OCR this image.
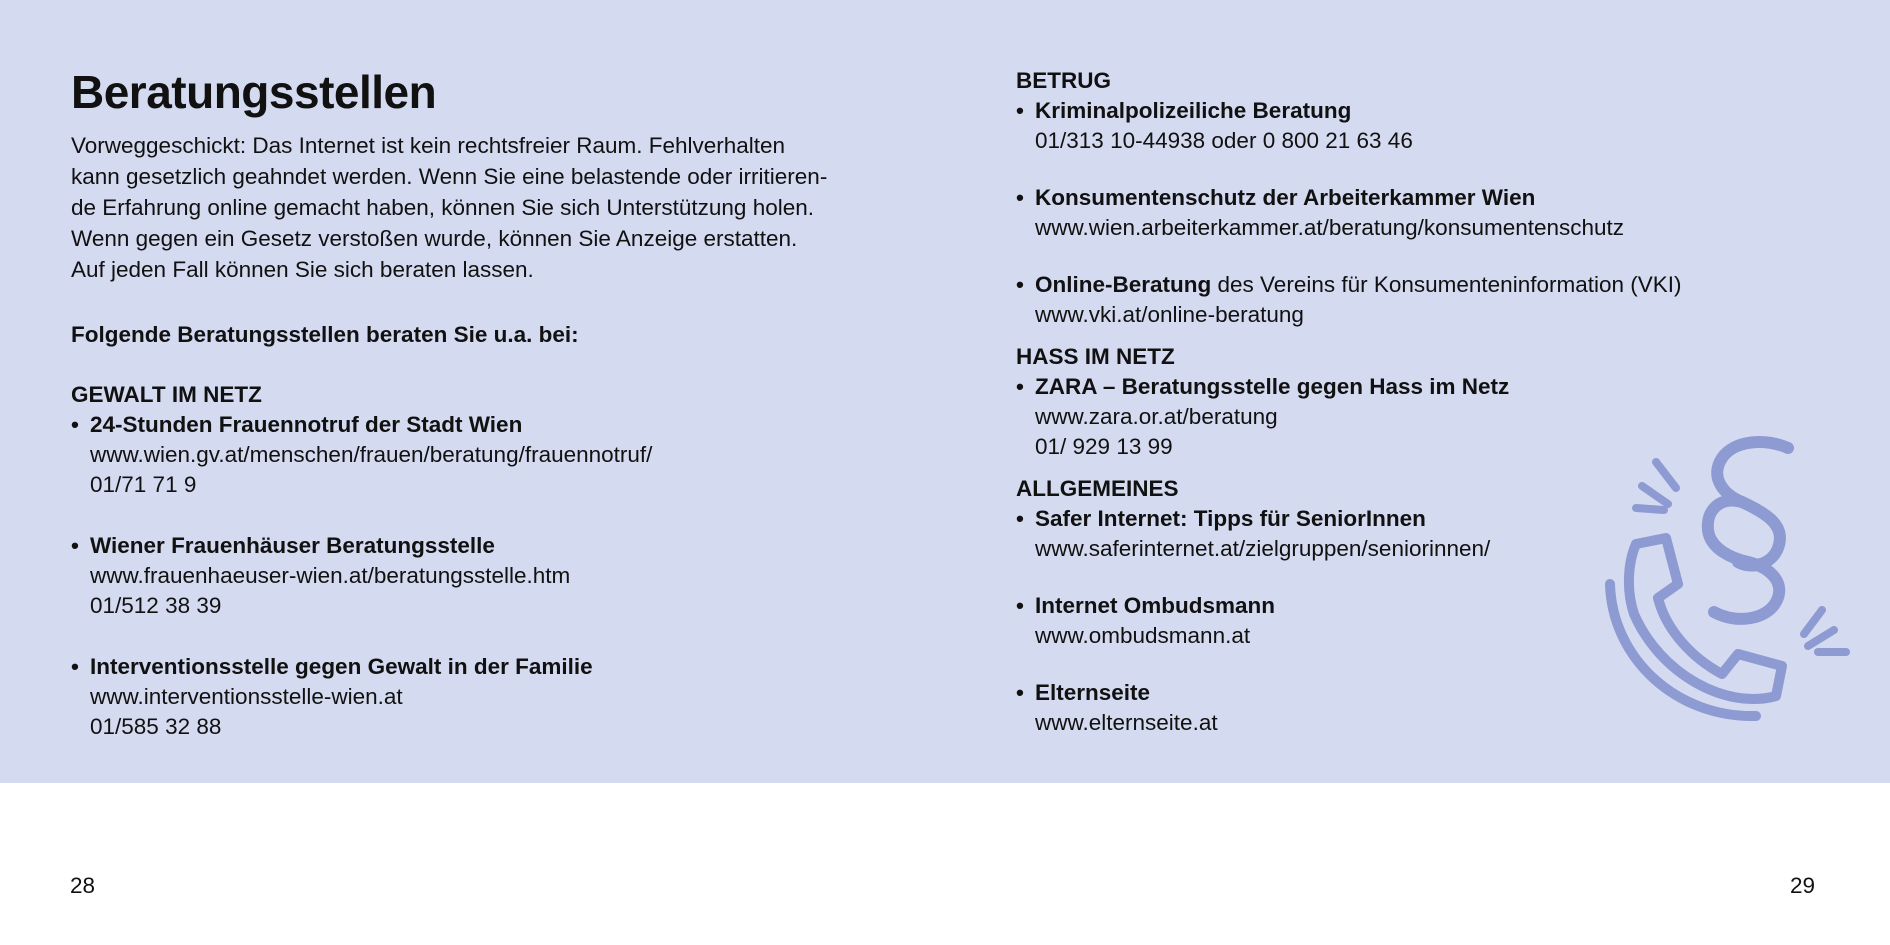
Beratungsstellen
Vorweggeschickt: Das Internet ist kein rechtsfreier Raum. Fehlverhalten
kann gesetzlich geahndet werden. Wenn Sie eine belastende oder irritieren-
de Erfahrung online gemacht haben, können Sie sich Unterstützung holen.
Wenn gegen ein Gesetz verstoßen wurde, können Sie Anzeige erstatten.
Auf jeden Fall können Sie sich beraten lassen.
Folgende Beratungsstellen beraten Sie u.a. bei:
GEWALT IM NETZ
• 24-Stunden Frauennotruf der Stadt Wien
www.wien.gv.at/menschen/frauen/beratung/frauennotruf/
01/71 71 9
• Wiener Frauenhäuser Beratungsstelle
www.frauenhaeuser-wien.at/beratungsstelle.htm
01/512 38 39
• Interventionsstelle gegen Gewalt in der Familie
www.interventionsstelle-wien.at
01/585 32 88
BETRUG
• Kriminalpolizeiliche Beratung
01/313 10-44938 oder 0 800 21 63 46
• Konsumentenschutz der Arbeiterkammer Wien
www.wien.arbeiterkammer.at/beratung/konsumentenschutz
• Online-Beratung des Vereins für Konsumenteninformation (VKI)
www.vki.at/online-beratung
HASS IM NETZ
• ZARA – Beratungsstelle gegen Hass im Netz
www.zara.or.at/beratung
01/ 929 13 99
ALLGEMEINES
• Safer Internet: Tipps für SeniorInnen
www.saferinternet.at/zielgruppen/seniorinnen/
• Internet Ombudsmann
www.ombudsmann.at
• Elternseite
www.elternseite.at
28	29
